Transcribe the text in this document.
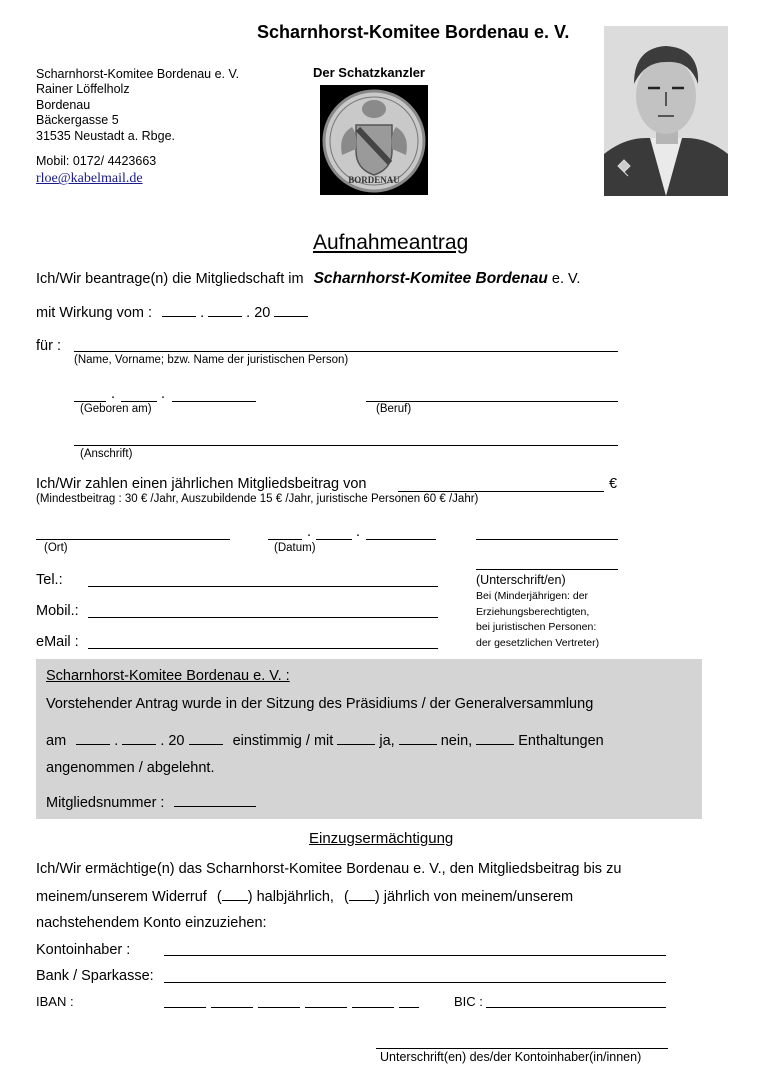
Scharnhorst-Komitee Bordenau e. V.
Scharnhorst-Komitee Bordenau e. V.
Rainer Löffelholz
Bordenau
Bäckergasse 5
31535 Neustadt a. Rbge.
Mobil: 0172/ 4423663
rloe@kabelmail.de
Der Schatzkanzler
BORDENAU
Aufnahmeantrag
Ich/Wir beantrage(n) die Mitgliedschaft im Scharnhorst-Komitee Bordenau e. V.
mit Wirkung vom :	.	. 20
für :
(Name, Vorname; bzw. Name der juristischen Person)
.	.
(Geboren am)	(Beruf)
(Anschrift)
Ich/Wir zahlen einen jährlichen Mitgliedsbeitrag von	€
(Mindestbeitrag : 30 € /Jahr, Auszubildende 15 € /Jahr, juristische Personen 60 € /Jahr)
(Ort)
.	.
(Datum)
Tel.:
Mobil.:
eMail :
(Unterschrift/en)
Bei (Minderjährigen: der
Erziehungsberechtigten,
bei juristischen Personen:
der gesetzlichen Vertreter)
Scharnhorst-Komitee Bordenau e. V. :
Vorstehender Antrag wurde in der Sitzung des Präsidiums / der Generalversammlung
am	.	. 20	einstimmig / mit	ja,	nein,	Enthaltungen
angenommen / abgelehnt.
Mitgliedsnummer :
Einzugsermächtigung
Ich/Wir ermächtige(n) das Scharnhorst-Komitee Bordenau e. V., den Mitgliedsbeitrag bis zu
meinem/unserem Widerruf ( ) halbjährlich, ( ) jährlich von meinem/unserem
nachstehendem Konto einzuziehen:
Kontoinhaber :
Bank / Sparkasse:
IBAN :	BIC :
Unterschrift(en) des/der Kontoinhaber(in/innen)
